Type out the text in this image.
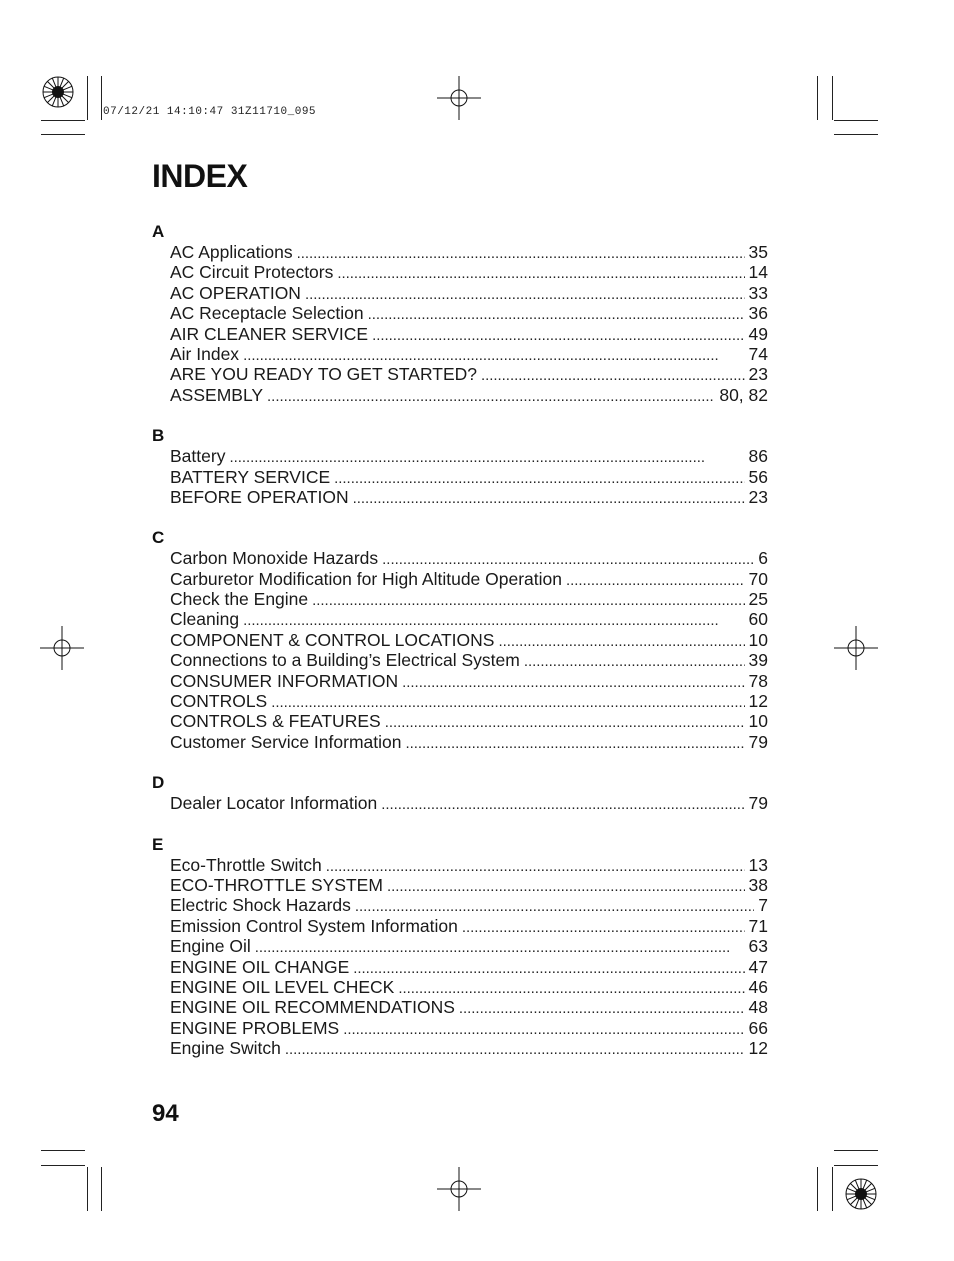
07/12/21 14:10:47 31Z11710_095
INDEX
A
AC Applications . . .	35
AC Circuit Protectors . . .	14
AC OPERATION . . .	33
AC Receptacle Selection . . .	36
AIR CLEANER SERVICE . . .	49
Air Index . . .	74
ARE YOU READY TO GET STARTED? . . .	23
ASSEMBLY . . .	80, 82
B
Battery . . .	86
BATTERY SERVICE . . .	56
BEFORE OPERATION . . .	23
C
Carbon Monoxide Hazards . . .	6
Carburetor Modification for High Altitude Operation . . .	70
Check the Engine . . .	25
Cleaning . . .	60
COMPONENT & CONTROL LOCATIONS . . .	10
Connections to a Building’s Electrical System . . .	39
CONSUMER INFORMATION . . .	78
CONTROLS . . .	12
CONTROLS & FEATURES . . .	10
Customer Service Information . . .	79
D
Dealer Locator Information . . .	79
E
Eco-Throttle Switch . . .	13
ECO-THROTTLE SYSTEM . . .	38
Electric Shock Hazards . . .	7
Emission Control System Information . . .	71
Engine Oil . . .	63
ENGINE OIL CHANGE . . .	47
ENGINE OIL LEVEL CHECK . . .	46
ENGINE OIL RECOMMENDATIONS . . .	48
ENGINE PROBLEMS . . .	66
Engine Switch . . .	12
94
